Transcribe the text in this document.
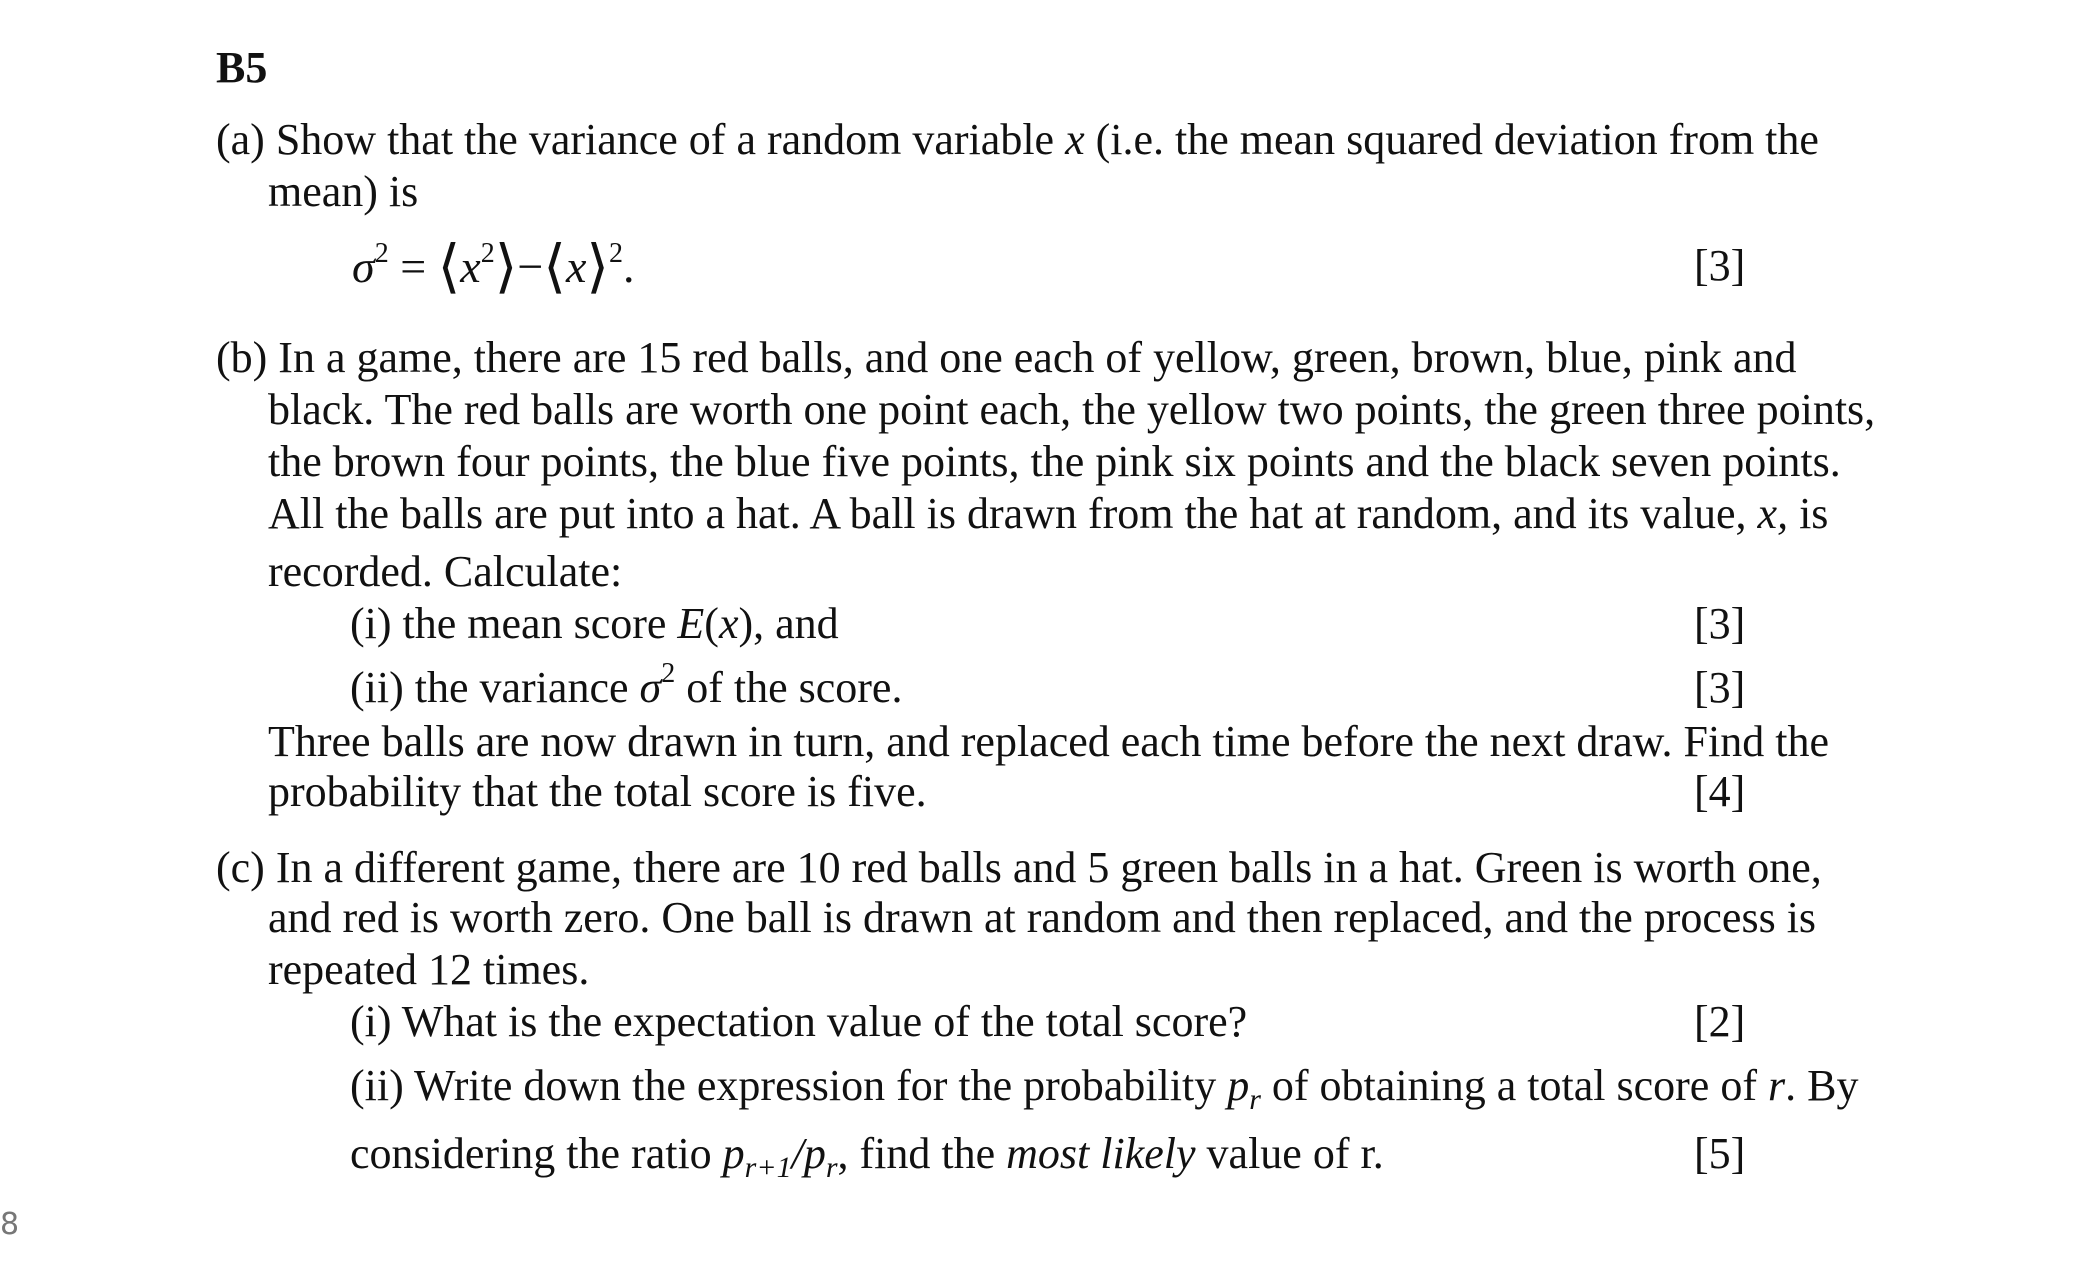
B5
(a) Show that the variance of a random variable x (i.e. the mean squared deviation from the
mean) is
$\sigma^2$ = $⟨x^2⟩-⟨x⟩^2$.	[3]
(b) In a game, there are 15 red balls, and one each of yellow, green, brown, blue, pink and
black. The red balls are worth one point each, the yellow two points, the green three points,
the brown four points, the blue five points, the pink six points and the black seven points.
All the balls are put into a hat. A ball is drawn from the hat at random, and its value, x, is
recorded. Calculate:
(i) the mean score E(x), and	[3]
(ii) the variance $\sigma^2$ of the score.	[3]
Three balls are now drawn in turn, and replaced each time before the next draw. Find the
probability that the total score is five.	[4]
(c) In a different game, there are 10 red balls and 5 green balls in a hat. Green is worth one,
and red is worth zero. One ball is drawn at random and then replaced, and the process is
repeated 12 times.
(i) What is the expectation value of the total score?	[2]
(ii) Write down the expression for the probability $p_r$ of obtaining a total score of r. By
considering the ratio $p_{r+1}/p_r$, find the most likely value of r.	[5]
8
